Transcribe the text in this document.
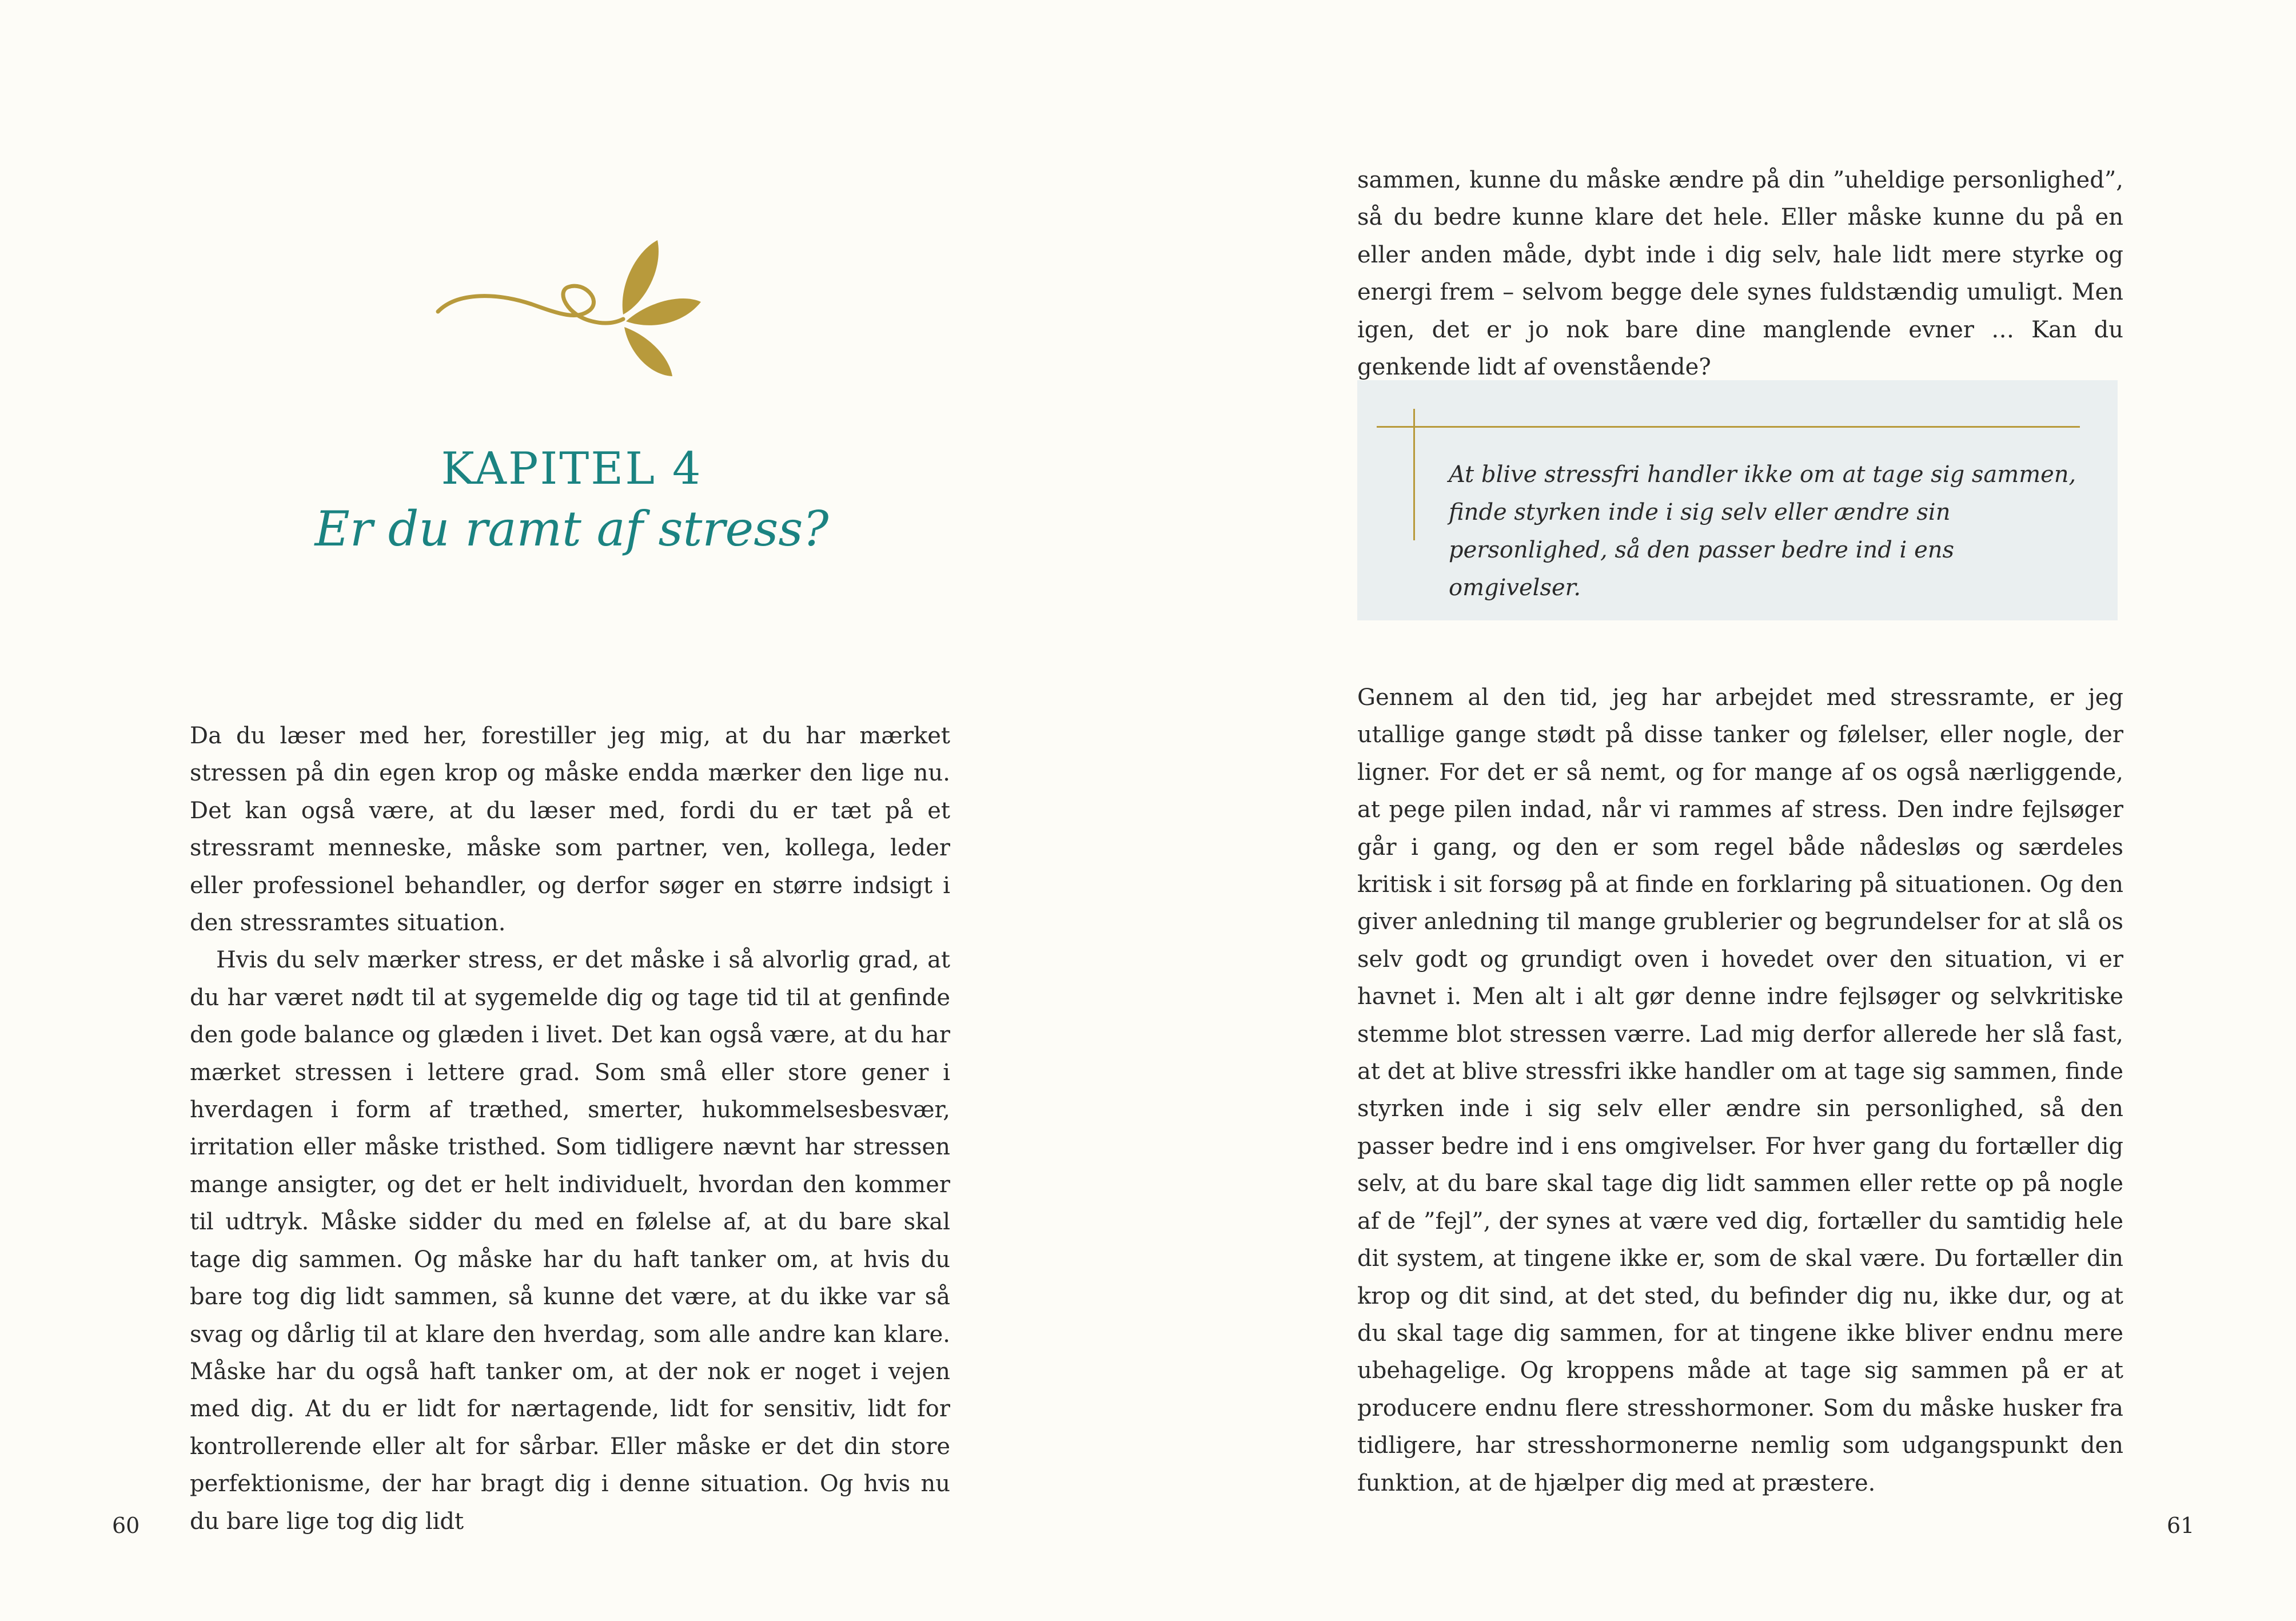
KAPITEL 4
Er du ramt af stress?

Da du læser med her, forestiller jeg mig, at du har mærket stressen på din egen krop og måske endda mærker den lige nu. Det kan også være, at du læser med, fordi du er tæt på et stressramt menneske, måske som partner, ven, kollega, leder eller professionel behandler, og derfor søger en større indsigt i den stressramtes situation.

Hvis du selv mærker stress, er det måske i så alvorlig grad, at du har været nødt til at sygemelde dig og tage tid til at genfinde den gode balance og glæden i livet. Det kan også være, at du har mærket stressen i lettere grad. Som små eller store gener i hverdagen i form af træthed, smerter, hukommelsesbesvær, irritation eller måske tristhed. Som tidligere nævnt har stressen mange ansigter, og det er helt individuelt, hvordan den kommer til udtryk. Måske sidder du med en følelse af, at du bare skal tage dig sammen. Og måske har du haft tanker om, at hvis du bare tog dig lidt sammen, så kunne det være, at du ikke var så svag og dårlig til at klare den hverdag, som alle andre kan klare. Måske har du også haft tanker om, at der nok er noget i vejen med dig. At du er lidt for nærtagende, lidt for sensitiv, lidt for kontrollerende eller alt for sårbar. Eller måske er det din store perfektionisme, der har bragt dig i denne situation. Og hvis nu du bare lige tog dig lidt

60

sammen, kunne du måske ændre på din ”uheldige personlighed”, så du bedre kunne klare det hele. Eller måske kunne du på en eller anden måde, dybt inde i dig selv, hale lidt mere styrke og energi frem – selvom begge dele synes fuldstændig umuligt. Men igen, det er jo nok bare dine manglende evner … Kan du genkende lidt af ovenstående?

At blive stressfri handler ikke om at tage sig sammen, finde styrken inde i sig selv eller ændre sin personlighed, så den passer bedre ind i ens omgivelser.

Gennem al den tid, jeg har arbejdet med stressramte, er jeg utallige gange stødt på disse tanker og følelser, eller nogle, der ligner. For det er så nemt, og for mange af os også nærliggende, at pege pilen indad, når vi rammes af stress. Den indre fejlsøger går i gang, og den er som regel både nådesløs og særdeles kritisk i sit forsøg på at finde en forklaring på situationen. Og den giver anledning til mange grublerier og begrundelser for at slå os selv godt og grundigt oven i hovedet over den situation, vi er havnet i. Men alt i alt gør denne indre fejlsøger og selvkritiske stemme blot stressen værre. Lad mig derfor allerede her slå fast, at det at blive stressfri ikke handler om at tage sig sammen, finde styrken inde i sig selv eller ændre sin personlighed, så den passer bedre ind i ens omgivelser. For hver gang du fortæller dig selv, at du bare skal tage dig lidt sammen eller rette op på nogle af de ”fejl”, der synes at være ved dig, fortæller du samtidig hele dit system, at tingene ikke er, som de skal være. Du fortæller din krop og dit sind, at det sted, du befinder dig nu, ikke dur, og at du skal tage dig sammen, for at tingene ikke bliver endnu mere ubehagelige. Og kroppens måde at tage sig sammen på er at producere endnu flere stresshormoner. Som du måske husker fra tidligere, har stresshormonerne nemlig som udgangspunkt den funktion, at de hjælper dig med at præstere.

61
